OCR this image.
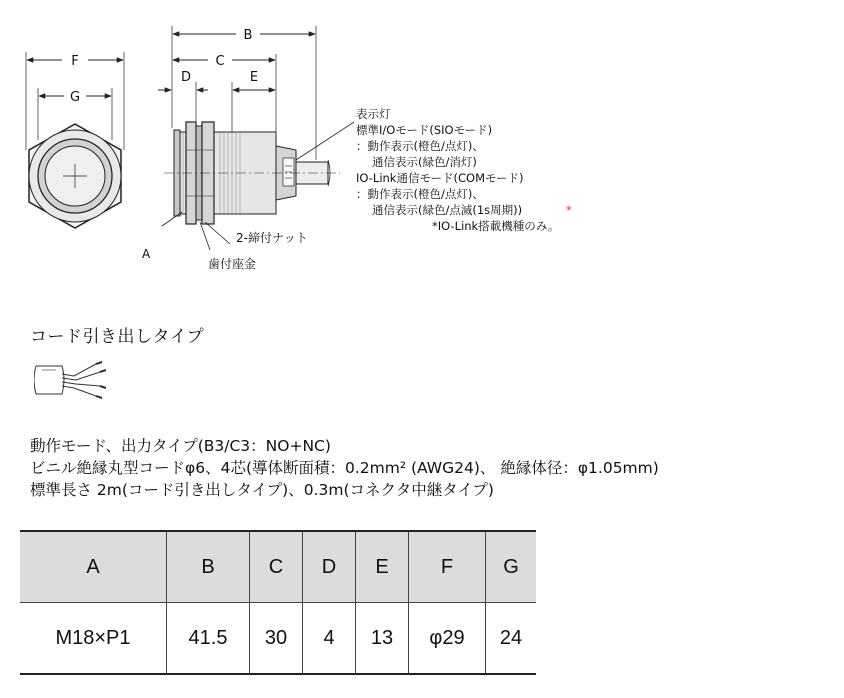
B
C
D	E
F
G
A
2-締付ナット
歯付座金
表示灯
標準I/Oモード(SIOモード)
：動作表示(橙色/点灯)、
通信表示(緑色/消灯)
IO-Link通信モード(COMモード)
：動作表示(橙色/点灯)、
通信表示(緑色/点滅(1s周期))	*
*IO-Link搭載機種のみ。
コード引き出しタイプ
動作モード、出力タイプ(B3/C3：NO+NC)
ビニル絶縁丸型コードφ6、4芯(導体断面積：0.2mm² (AWG24)、 絶縁体径：φ1.05mm)
標準長さ 2m(コード引き出しタイプ)、0.3m(コネクタ中継タイプ)
A	B	C	D	E	F	G
M18×P1	41.5	30	4	13	φ29	24
